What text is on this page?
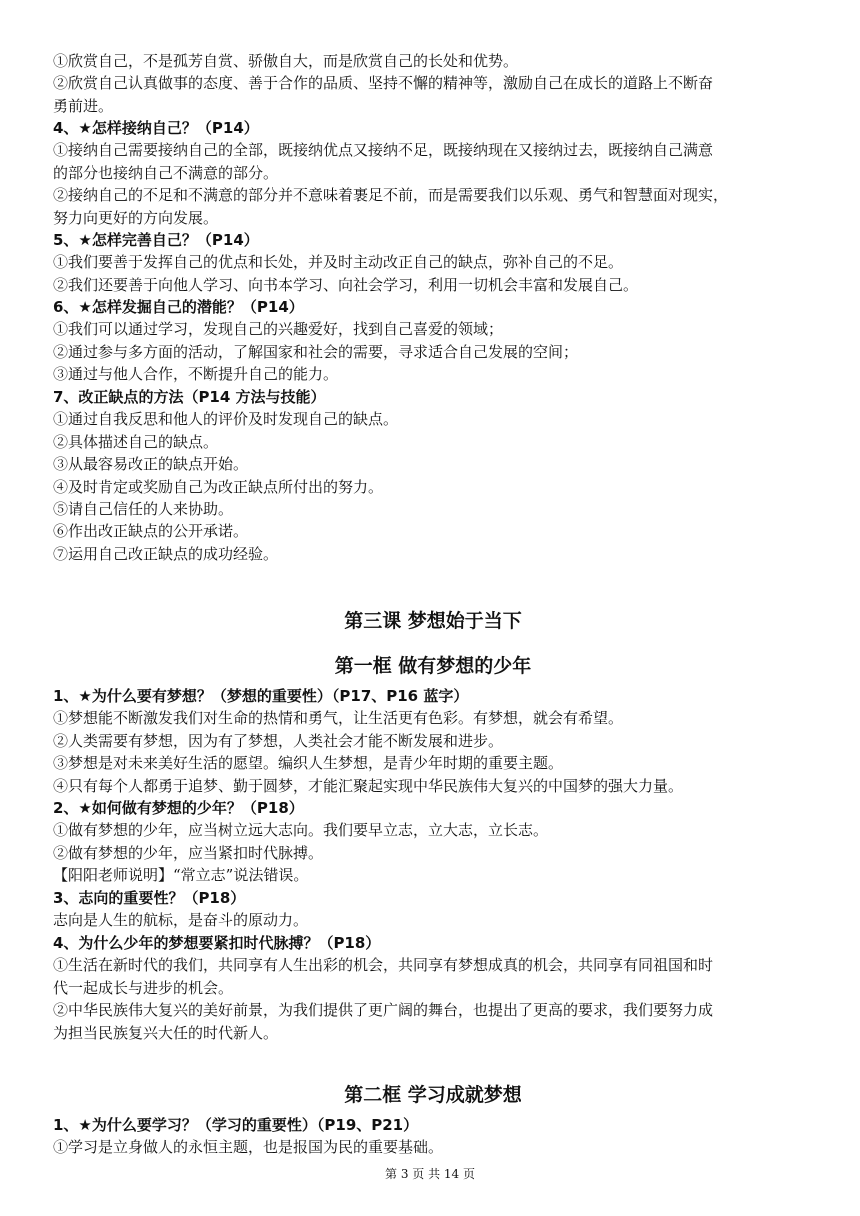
①欣赏自己，不是孤芳自赏、骄傲自大，而是欣赏自己的长处和优势。
②欣赏自己认真做事的态度、善于合作的品质、坚持不懈的精神等，激励自己在成长的道路上不断奋
勇前进。
4、★怎样接纳自己？（P14）
①接纳自己需要接纳自己的全部，既接纳优点又接纳不足，既接纳现在又接纳过去，既接纳自己满意
的部分也接纳自己不满意的部分。
②接纳自己的不足和不满意的部分并不意味着裹足不前，而是需要我们以乐观、勇气和智慧面对现实，
努力向更好的方向发展。
5、★怎样完善自己？（P14）
①我们要善于发挥自己的优点和长处，并及时主动改正自己的缺点，弥补自己的不足。
②我们还要善于向他人学习、向书本学习、向社会学习，利用一切机会丰富和发展自己。
6、★怎样发掘自己的潜能？（P14）
①我们可以通过学习，发现自己的兴趣爱好，找到自己喜爱的领域；
②通过参与多方面的活动，了解国家和社会的需要，寻求适合自己发展的空间；
③通过与他人合作，不断提升自己的能力。
7、改正缺点的方法（P14 方法与技能）
①通过自我反思和他人的评价及时发现自己的缺点。
②具体描述自己的缺点。
③从最容易改正的缺点开始。
④及时肯定或奖励自己为改正缺点所付出的努力。
⑤请自己信任的人来协助。
⑥作出改正缺点的公开承诺。
⑦运用自己改正缺点的成功经验。
第三课 梦想始于当下
第一框 做有梦想的少年
1、★为什么要有梦想？（梦想的重要性）（P17、P16 蓝字）
①梦想能不断激发我们对生命的热情和勇气，让生活更有色彩。有梦想，就会有希望。
②人类需要有梦想，因为有了梦想，人类社会才能不断发展和进步。
③梦想是对未来美好生活的愿望。编织人生梦想，是青少年时期的重要主题。
④只有每个人都勇于追梦、勤于圆梦，才能汇聚起实现中华民族伟大复兴的中国梦的强大力量。
2、★如何做有梦想的少年？（P18）
①做有梦想的少年，应当树立远大志向。我们要早立志，立大志，立长志。
②做有梦想的少年，应当紧扣时代脉搏。
【阳阳老师说明】“常立志”说法错误。
3、志向的重要性？（P18）
志向是人生的航标，是奋斗的原动力。
4、为什么少年的梦想要紧扣时代脉搏？（P18）
①生活在新时代的我们，共同享有人生出彩的机会，共同享有梦想成真的机会，共同享有同祖国和时
代一起成长与进步的机会。
②中华民族伟大复兴的美好前景，为我们提供了更广阔的舞台，也提出了更高的要求，我们要努力成
为担当民族复兴大任的时代新人。
第二框 学习成就梦想
1、★为什么要学习？（学习的重要性）（P19、P21）
①学习是立身做人的永恒主题，也是报国为民的重要基础。
第 3 页 共 14 页
